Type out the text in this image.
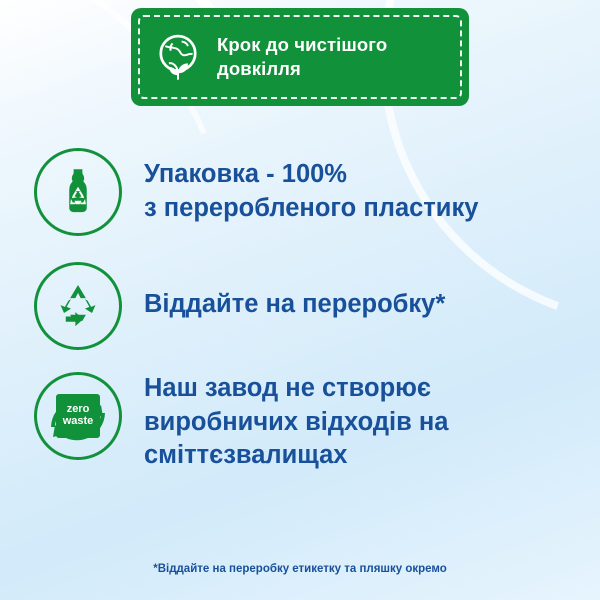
Крок до чистішого
довкілля
Упаковка - 100%
з переробленого пластику
Віддайте на переробку*
zero
waste
Наш завод не створює
виробничих відходів на
сміттєзвалищах
*Віддайте на переробку етикетку та пляшку окремо
